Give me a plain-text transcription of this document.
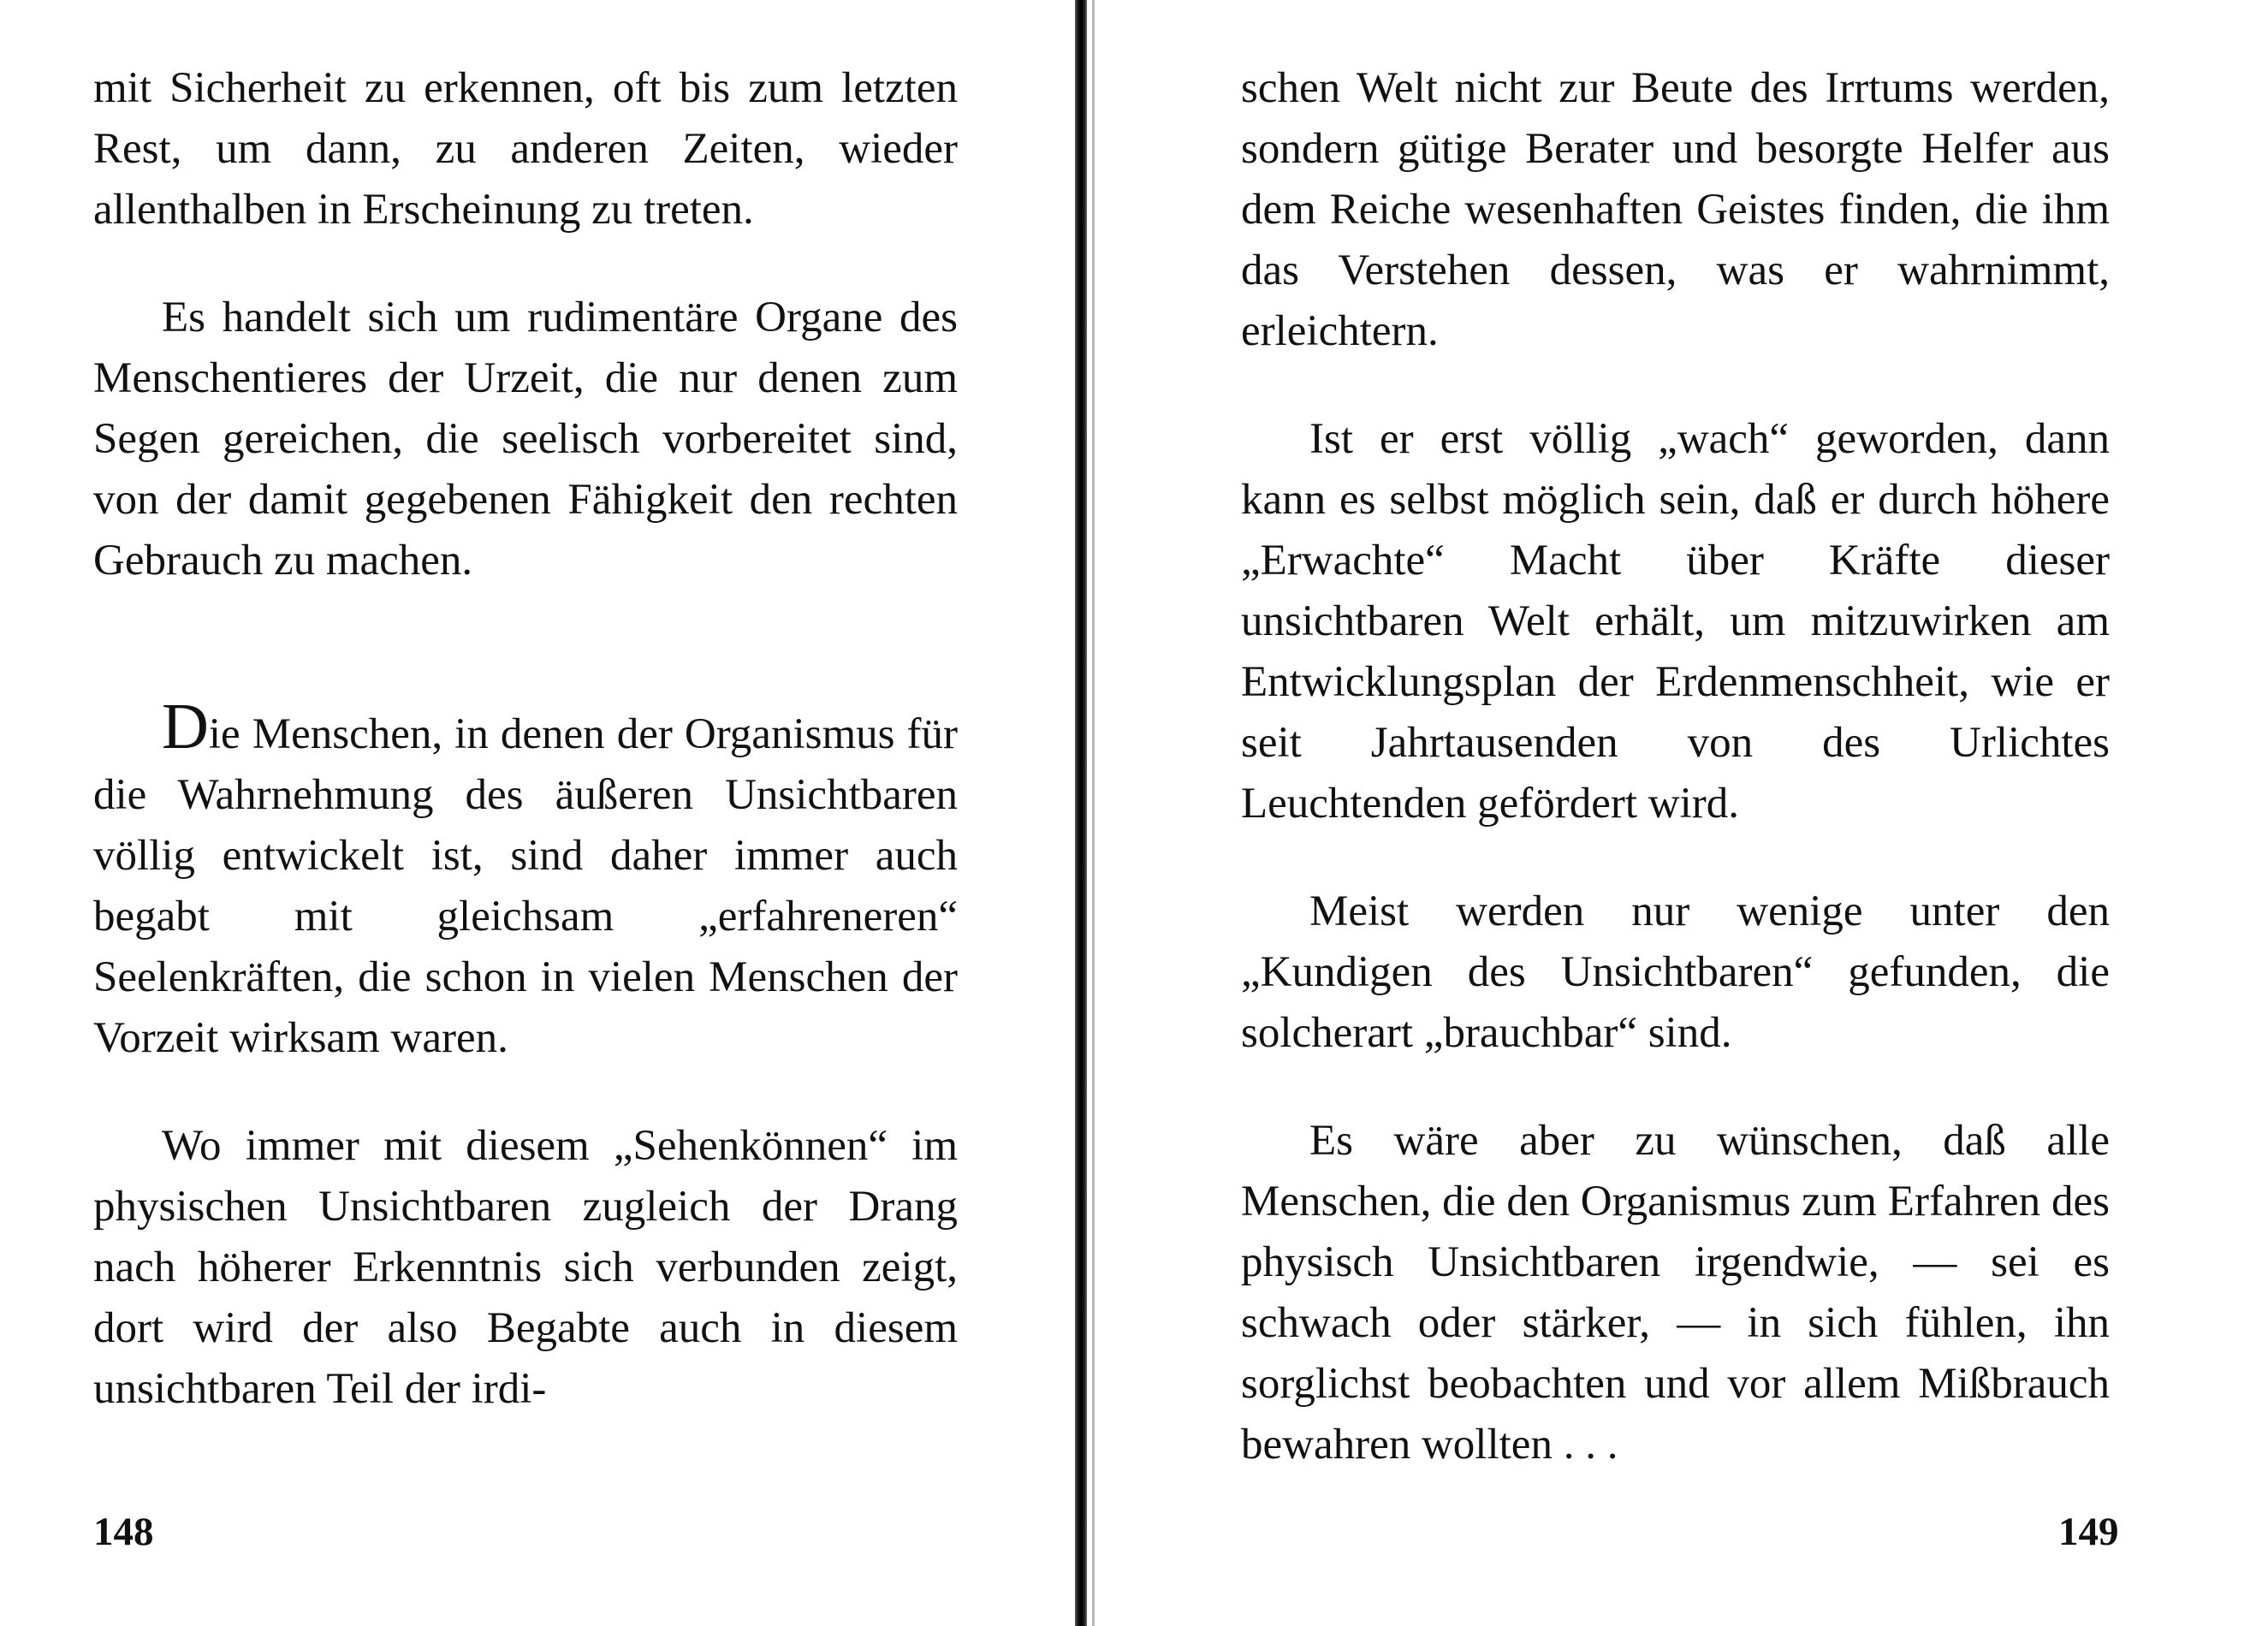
mit Sicherheit zu erkennen, oft bis zum letzten Rest, um dann, zu anderen Zeiten, wieder allenthalben in Erscheinung zu treten.

Es handelt sich um rudimentäre Organe des Menschentieres der Urzeit, die nur denen zum Segen gereichen, die seelisch vorbereitet sind, von der damit gegebenen Fähigkeit den rechten Gebrauch zu machen.

Die Menschen, in denen der Organismus für die Wahrnehmung des äußeren Unsichtbaren völlig entwickelt ist, sind daher immer auch begabt mit gleichsam „erfahreneren“ Seelenkräften, die schon in vielen Menschen der Vorzeit wirksam waren.

Wo immer mit diesem „Sehenkönnen“ im physischen Unsichtbaren zugleich der Drang nach höherer Erkenntnis sich verbunden zeigt, dort wird der also Begabte auch in diesem unsichtbaren Teil der irdi-

148

schen Welt nicht zur Beute des Irrtums werden, sondern gütige Berater und besorgte Helfer aus dem Reiche wesenhaften Geistes finden, die ihm das Verstehen dessen, was er wahrnimmt, erleichtern.

Ist er erst völlig „wach“ geworden, dann kann es selbst möglich sein, daß er durch höhere „Erwachte“ Macht über Kräfte dieser unsichtbaren Welt erhält, um mitzuwirken am Entwicklungsplan der Erdenmenschheit, wie er seit Jahrtausenden von des Urlichtes Leuchtenden gefördert wird.

Meist werden nur wenige unter den „Kundigen des Unsichtbaren“ gefunden, die solcherart „brauchbar“ sind.

Es wäre aber zu wünschen, daß alle Menschen, die den Organismus zum Erfahren des physisch Unsichtbaren irgendwie, — sei es schwach oder stärker, — in sich fühlen, ihn sorglichst beobachten und vor allem Mißbrauch bewahren wollten . . .

149
